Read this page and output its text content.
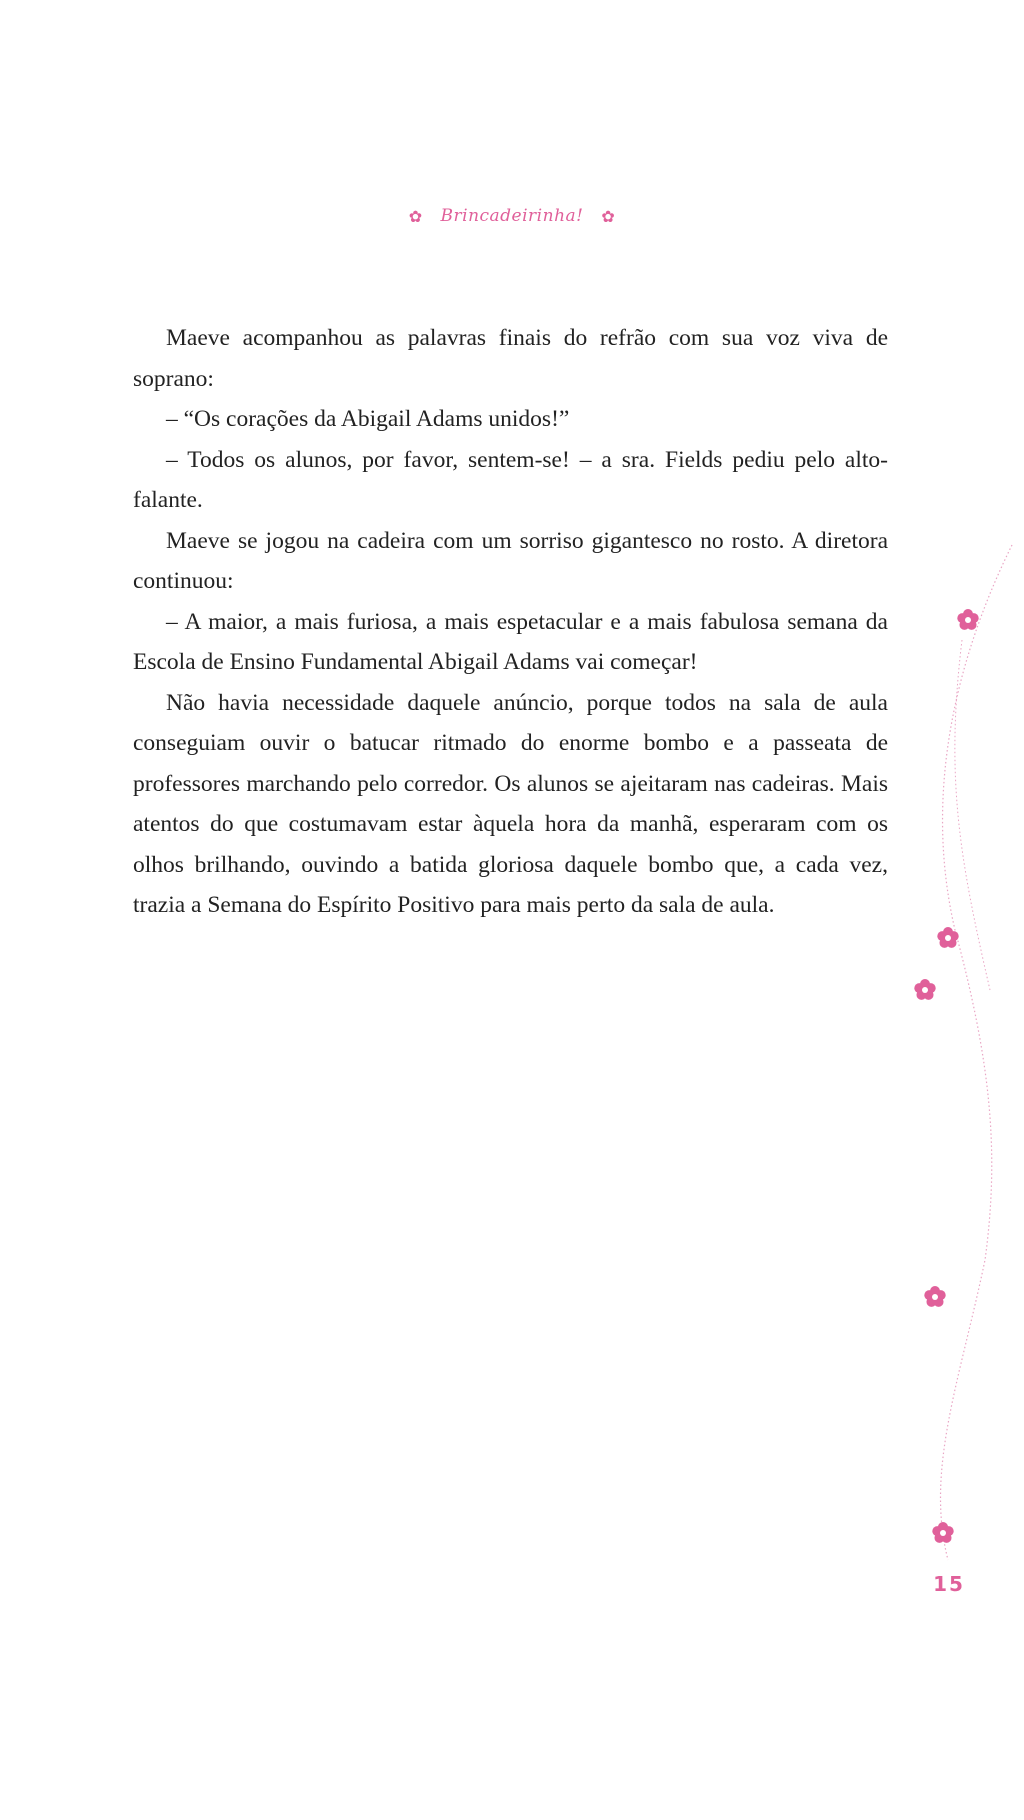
✿ Brincadeirinha! ✿

Maeve acompanhou as palavras finais do refrão com sua voz viva de soprano:

– “Os corações da Abigail Adams unidos!”

– Todos os alunos, por favor, sentem-se! – a sra. Fields pediu pelo alto-falante.

Maeve se jogou na cadeira com um sorriso gigantesco no rosto. A diretora continuou:

– A maior, a mais furiosa, a mais espetacular e a mais fabulosa semana da Escola de Ensino Fundamental Abigail Adams vai começar!

Não havia necessidade daquele anúncio, porque todos na sala de aula conseguiam ouvir o batucar ritmado do enorme bombo e a passeata de professores marchando pelo corredor. Os alunos se ajeitaram nas cadeiras. Mais atentos do que costumavam estar àquela hora da manhã, esperaram com os olhos brilhando, ouvindo a batida gloriosa daquele bombo que, a cada vez, trazia a Semana do Espírito Positivo para mais perto da sala de aula.

15
